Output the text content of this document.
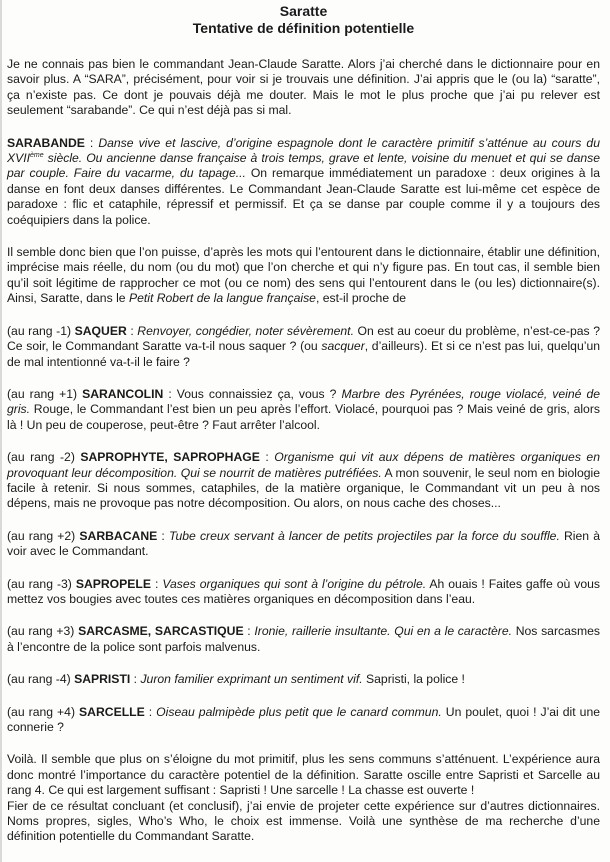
Saratte
Tentative de définition potentielle

Je ne connais pas bien le commandant Jean-Claude Saratte. Alors j’ai cherché dans le dictionnaire pour en savoir plus. A “SARA”, précisément, pour voir si je trouvais une définition. J’ai appris que le (ou la) “saratte”, ça n’existe pas. Ce dont je pouvais déjà me douter. Mais le mot le plus proche que j’ai pu relever est seulement “sarabande”. Ce qui n’est déjà pas si mal.

SARABANDE : Danse vive et lascive, d’origine espagnole dont le caractère primitif s’atténue au cours du XVIIème siècle. Ou ancienne danse française à trois temps, grave et lente, voisine du menuet et qui se danse par couple. Faire du vacarme, du tapage... On remarque immédiatement un paradoxe : deux origines à la danse en font deux danses différentes. Le Commandant Jean-Claude Saratte est lui-même cet espèce de paradoxe : flic et cataphile, répressif et permissif. Et ça se danse par couple comme il y a toujours des coéquipiers dans la police.

Il semble donc bien que l’on puisse, d’après les mots qui l’entourent dans le dictionnaire, établir une définition, imprécise mais réelle, du nom (ou du mot) que l’on cherche et qui n’y figure pas. En tout cas, il semble bien qu’il soit légitime de rapprocher ce mot (ou ce nom) des sens qui l’entourent dans le (ou les) dictionnaire(s). Ainsi, Saratte, dans le Petit Robert de la langue française, est-il proche de

(au rang -1) SAQUER : Renvoyer, congédier, noter sévèrement. On est au coeur du problème, n’est-ce-pas ? Ce soir, le Commandant Saratte va-t-il nous saquer ? (ou sacquer, d’ailleurs). Et si ce n’est pas lui, quelqu’un de mal intentionné va-t-il le faire ?

(au rang +1) SARANCOLIN : Vous connaissiez ça, vous ? Marbre des Pyrénées, rouge violacé, veiné de gris. Rouge, le Commandant l’est bien un peu après l’effort. Violacé, pourquoi pas ? Mais veiné de gris, alors là ! Un peu de couperose, peut-être ? Faut arrêter l’alcool.

(au rang -2) SAPROPHYTE, SAPROPHAGE : Organisme qui vit aux dépens de matières organiques en provoquant leur décomposition. Qui se nourrit de matières putréfiées. A mon souvenir, le seul nom en biologie facile à retenir. Si nous sommes, cataphiles, de la matière organique, le Commandant vit un peu à nos dépens, mais ne provoque pas notre décomposition. Ou alors, on nous cache des choses...

(au rang +2) SARBACANE : Tube creux servant à lancer de petits projectiles par la force du souffle. Rien à voir avec le Commandant.

(au rang -3) SAPROPELE : Vases organiques qui sont à l’origine du pétrole. Ah ouais ! Faites gaffe où vous mettez vos bougies avec toutes ces matières organiques en décomposition dans l’eau.

(au rang +3) SARCASME, SARCASTIQUE : Ironie, raillerie insultante. Qui en a le caractère. Nos sarcasmes à l’encontre de la police sont parfois malvenus.

(au rang -4) SAPRISTI : Juron familier exprimant un sentiment vif. Sapristi, la police !

(au rang +4) SARCELLE : Oiseau palmipède plus petit que le canard commun. Un poulet, quoi ! J’ai dit une connerie ?

Voilà. Il semble que plus on s’éloigne du mot primitif, plus les sens communs s’atténuent. L’expérience aura donc montré l’importance du caractère potentiel de la définition. Saratte oscille entre Sapristi et Sarcelle au rang 4. Ce qui est largement suffisant : Sapristi ! Une sarcelle ! La chasse est ouverte !
Fier de ce résultat concluant (et conclusif), j’ai envie de projeter cette expérience sur d’autres dictionnaires. Noms propres, sigles, Who’s Who, le choix est immense. Voilà une synthèse de ma recherche d’une définition potentielle du Commandant Saratte.
